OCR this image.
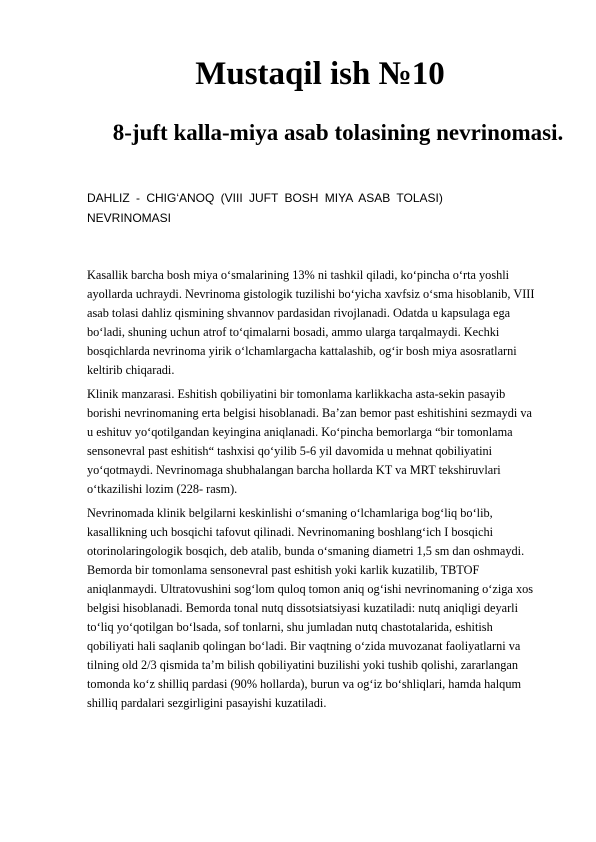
Mustaqil ish №10
8-juft kalla-miya asab tolasining nevrinomasi.
DAHLIZ - CHIG‘ANOQ (VIII JUFT BOSH MIYA ASAB TOLASI) NEVRINOMASI

Kasallik barcha bosh miya o‘smalarining 13% ni tashkil qiladi, ko‘pincha o‘rta yoshli ayollarda uchraydi. Nevrinoma gistologik tuzilishi bo‘yicha xavfsiz o‘sma hisoblanib, VIII asab tolasi dahliz qismining shvannov pardasidan rivojlanadi. Odatda u kapsulaga ega bo‘ladi, shuning uchun atrof to‘qimalarni bosadi, ammo ularga tarqalmaydi. Kechki bosqichlarda nevrinoma yirik o‘lchamlargacha kattalashib, og‘ir bosh miya asosratlarni keltirib chiqaradi.

Klinik manzarasi. Eshitish qobiliyatini bir tomonlama karlikkacha asta-sekin pasayib borishi nevrinomaning erta belgisi hisoblanadi. Ba’zan bemor past eshitishini sezmaydi va u eshituv yo‘qotilgandan keyingina aniqlanadi. Ko‘pincha bemorlarga “bir tomonlama sensonevral past eshitish“ tashxisi qo‘yilib 5-6 yil davomida u mehnat qobiliyatini yo‘qotmaydi. Nevrinomaga shubhalangan barcha hollarda KT va MRT tekshiruvlari o‘tkazilishi lozim (228- rasm).

Nevrinomada klinik belgilarni keskinlishi o‘smaning o‘lchamlariga bog‘liq bo‘lib, kasallikning uch bosqichi tafovut qilinadi. Nevrinomaning boshlang‘ich I bosqichi otorinolaringologik bosqich, deb atalib, bunda o‘smaning diametri 1,5 sm dan oshmaydi. Bemorda bir tomonlama sensonevral past eshitish yoki karlik kuzatilib, TBTOF aniqlanmaydi. Ultratovushini sog‘lom quloq tomon aniq og‘ishi nevrinomaning o‘ziga xos belgisi hisoblanadi. Bemorda tonal nutq dissotsiatsiyasi kuzatiladi: nutq aniqligi deyarli to‘liq yo‘qotilgan bo‘lsada, sof tonlarni, shu jumladan nutq chastotalarida, eshitish qobiliyati hali saqlanib qolingan bo‘ladi. Bir vaqtning o‘zida muvozanat faoliyatlarni va tilning old 2/3 qismida ta’m bilish qobiliyatini buzilishi yoki tushib qolishi, zararlangan tomonda ko‘z shilliq pardasi (90% hollarda), burun va og‘iz bo‘shliqlari, hamda halqum shilliq pardalari sezgirligini pasayishi kuzatiladi.
